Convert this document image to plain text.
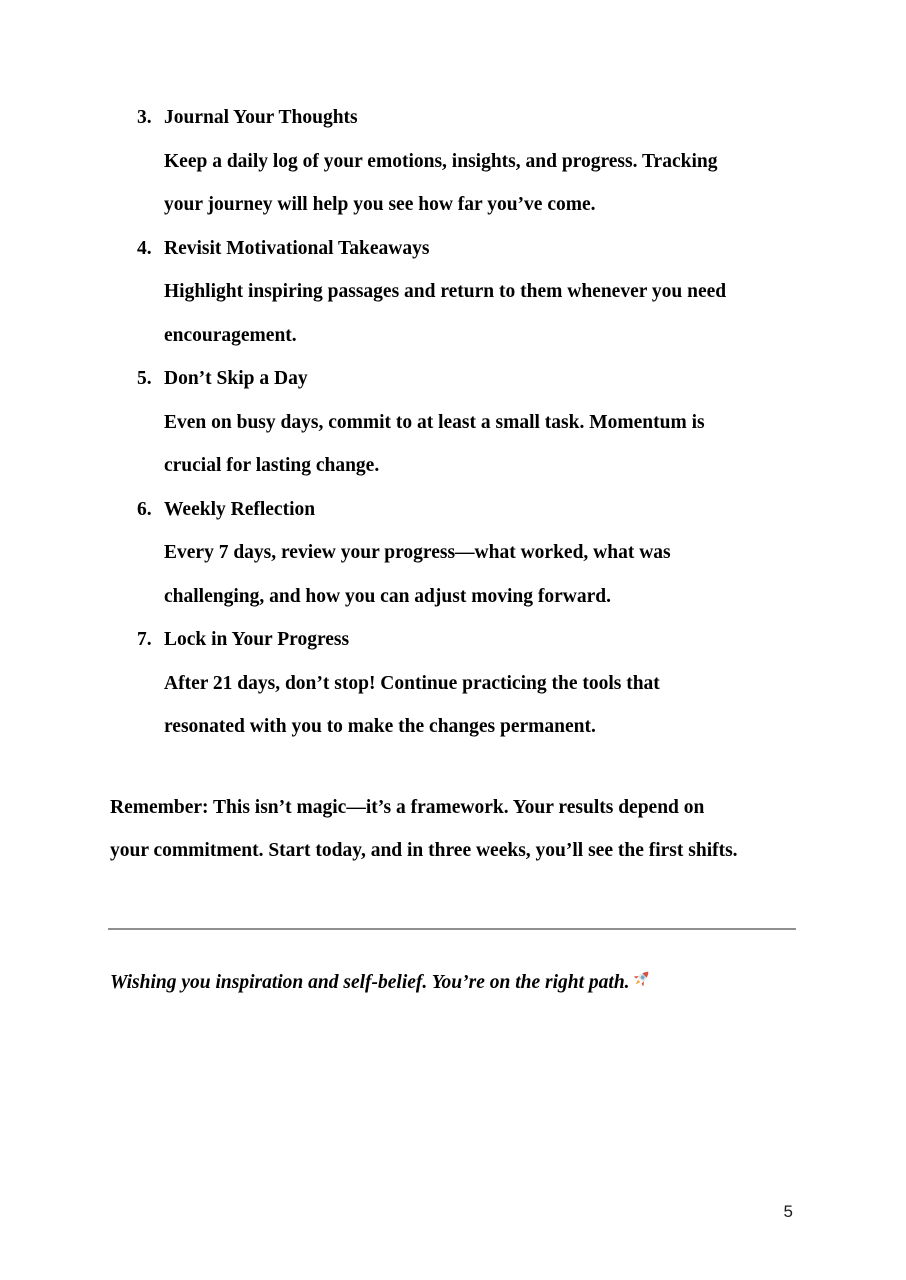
3. Journal Your Thoughts
Keep a daily log of your emotions, insights, and progress. Tracking
your journey will help you see how far you’ve come.
4. Revisit Motivational Takeaways
Highlight inspiring passages and return to them whenever you need
encouragement.
5. Don’t Skip a Day
Even on busy days, commit to at least a small task. Momentum is
crucial for lasting change.
6. Weekly Reflection
Every 7 days, review your progress—what worked, what was
challenging, and how you can adjust moving forward.
7. Lock in Your Progress
After 21 days, don’t stop! Continue practicing the tools that
resonated with you to make the changes permanent.
Remember: This isn’t magic—it’s a framework. Your results depend on
your commitment. Start today, and in three weeks, you’ll see the first shifts.
Wishing you inspiration and self-belief. You’re on the right path.
5
